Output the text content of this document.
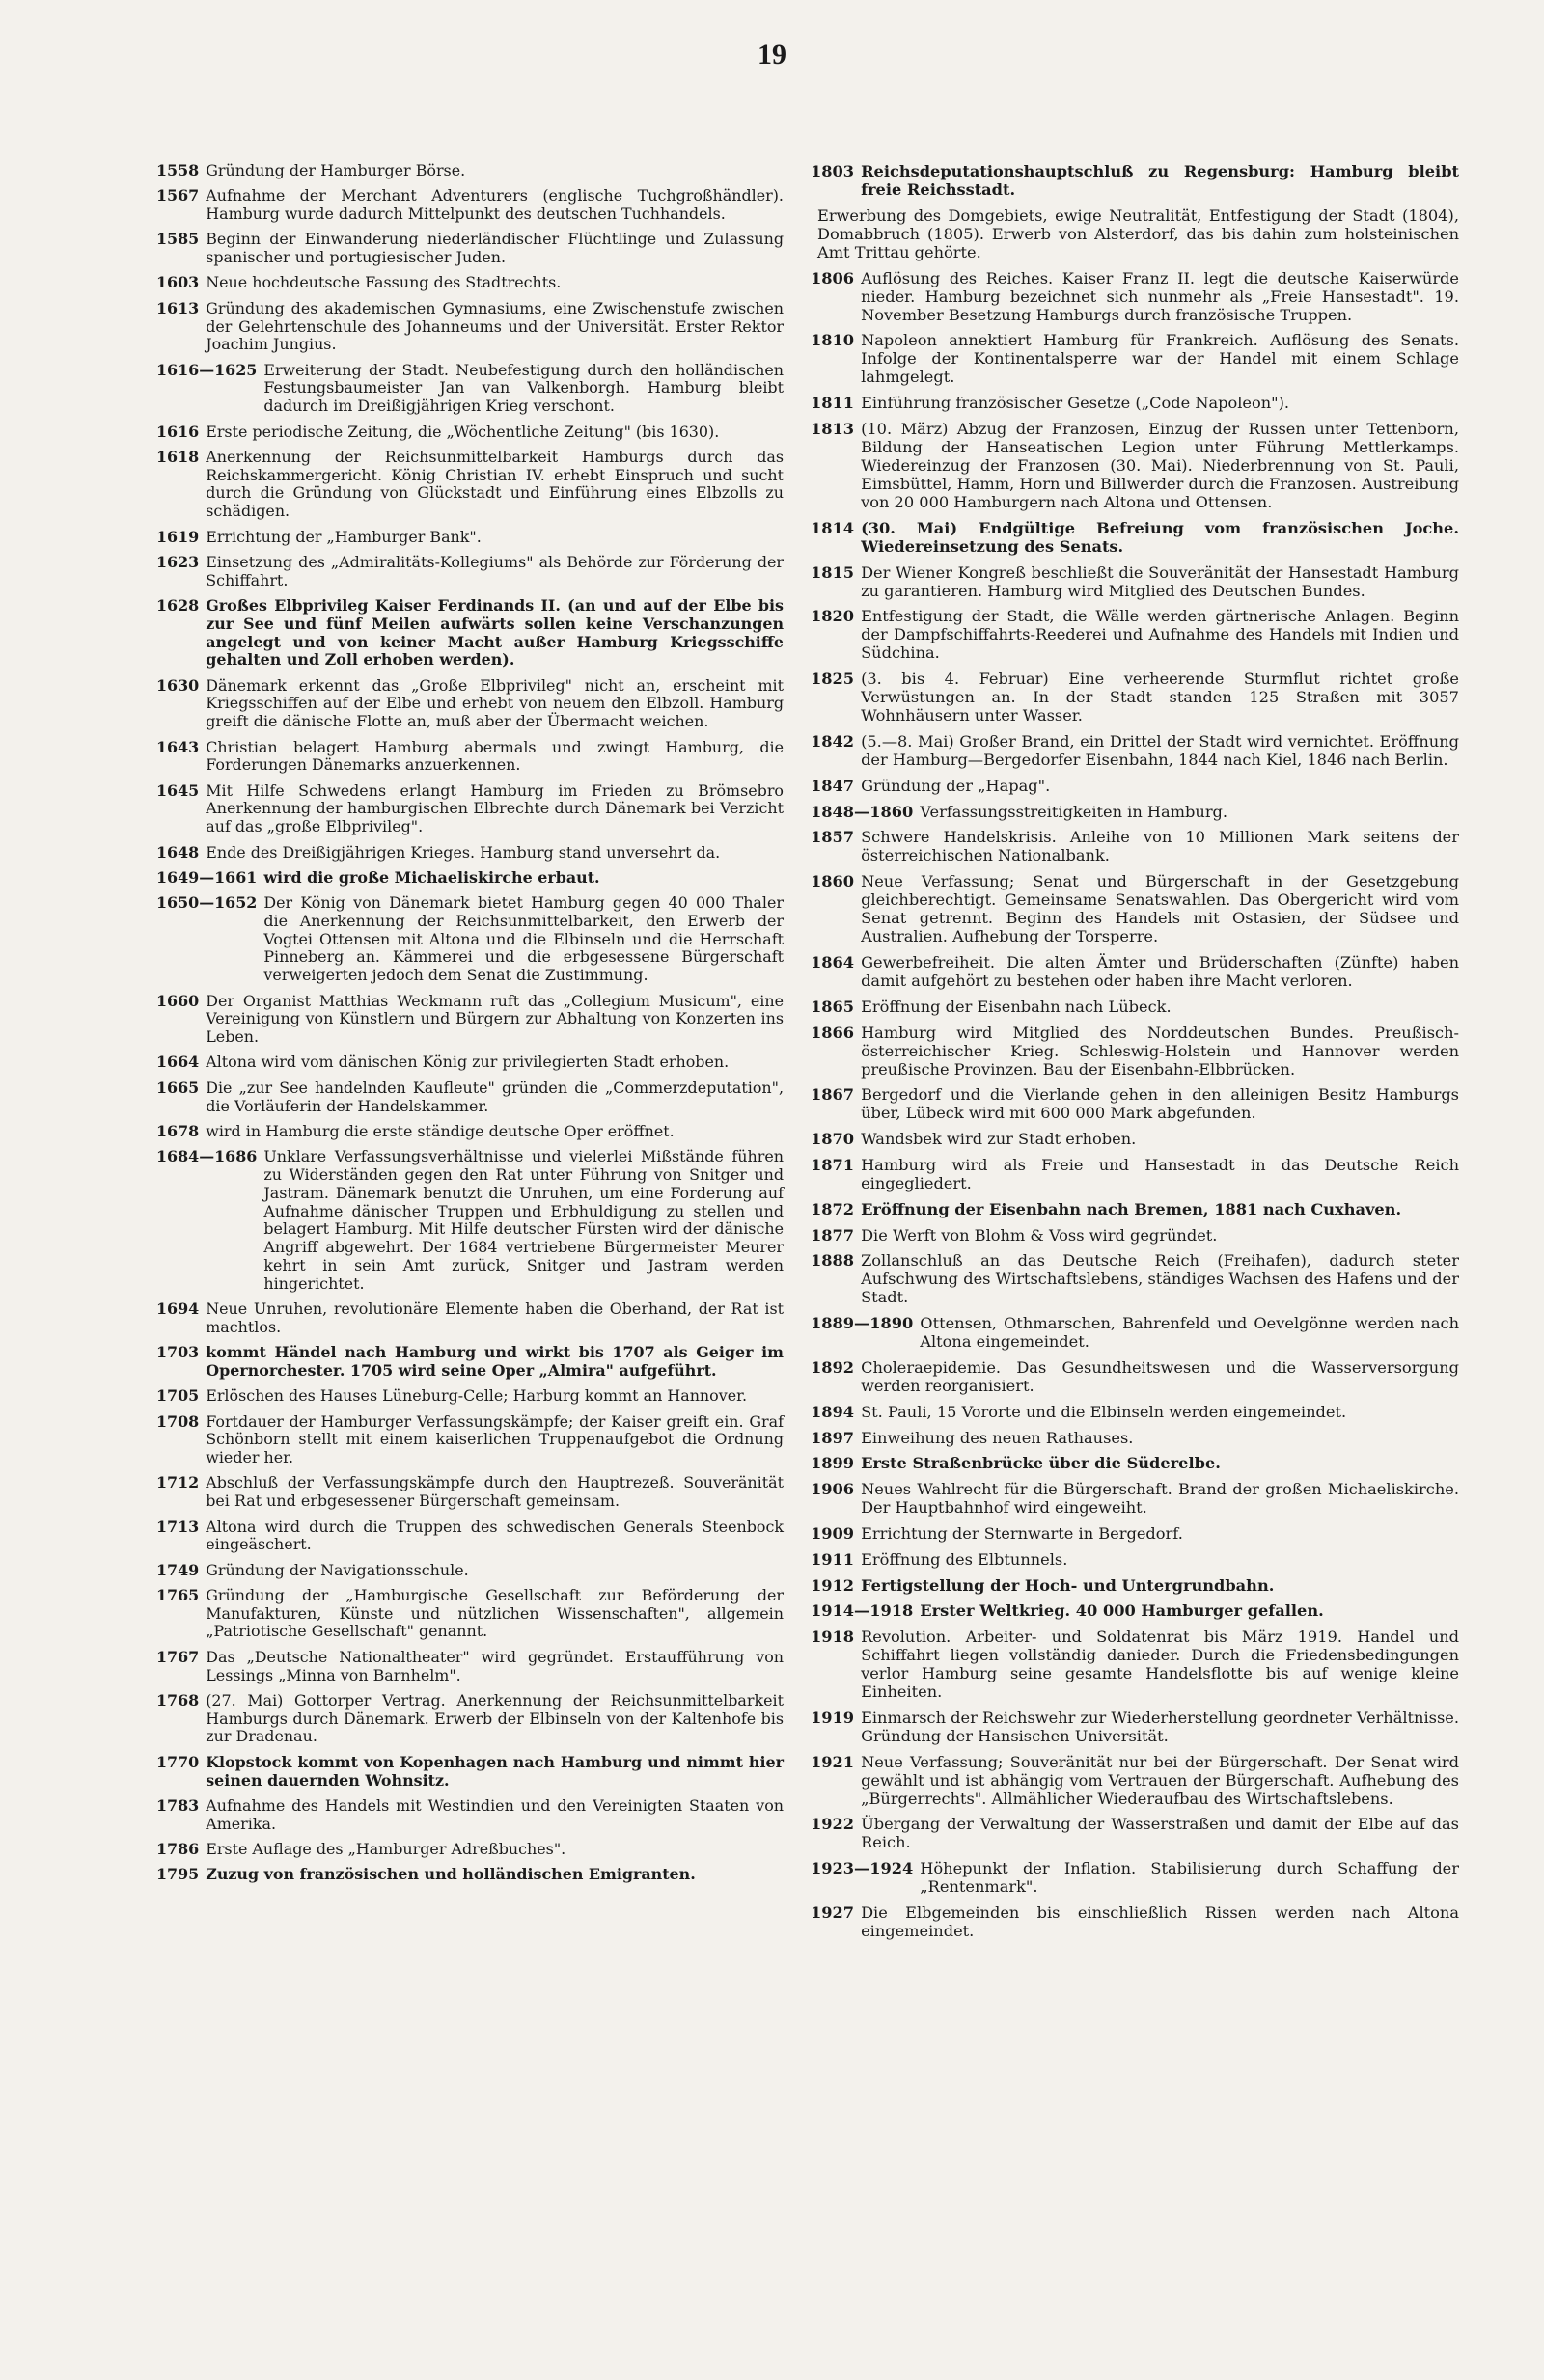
19
1558 Gründung der Hamburger Börse.
1567 Aufnahme der Merchant Adventurers (englische Tuchgroßhändler). Hamburg wurde dadurch Mittelpunkt des deutschen Tuchhandels.
1585 Beginn der Einwanderung niederländischer Flüchtlinge und Zulassung spanischer und portugiesischer Juden.
1603 Neue hochdeutsche Fassung des Stadtrechts.
1613 Gründung des akademischen Gymnasiums, eine Zwischenstufe zwischen der Gelehrtenschule des Johanneums und der Universität. Erster Rektor Joachim Jungius.
1616—1625 Erweiterung der Stadt. Neubefestigung durch den holländischen Festungsbaumeister Jan van Valkenborgh. Hamburg bleibt dadurch im Dreißigjährigen Krieg verschont.
1616 Erste periodische Zeitung, die „Wöchentliche Zeitung" (bis 1630).
1618 Anerkennung der Reichsunmittelbarkeit Hamburgs durch das Reichskammergericht. König Christian IV. erhebt Einspruch und sucht durch die Gründung von Glückstadt und Einführung eines Elbzolls zu schädigen.
1619 Errichtung der „Hamburger Bank".
1623 Einsetzung des „Admiralitäts-Kollegiums" als Behörde zur Förderung der Schiffahrt.
1628 Großes Elbprivileg Kaiser Ferdinands II. (an und auf der Elbe bis zur See und fünf Meilen aufwärts sollen keine Verschanzungen angelegt und von keiner Macht außer Hamburg Kriegsschiffe gehalten und Zoll erhoben werden).
1630 Dänemark erkennt das „Große Elbprivileg" nicht an, erscheint mit Kriegsschiffen auf der Elbe und erhebt von neuem den Elbzoll. Hamburg greift die dänische Flotte an, muß aber der Übermacht weichen.
1643 Christian belagert Hamburg abermals und zwingt Hamburg, die Forderungen Dänemarks anzuerkennen.
1645 Mit Hilfe Schwedens erlangt Hamburg im Frieden zu Brömsebro Anerkennung der hamburgischen Elbrechte durch Dänemark bei Verzicht auf das „große Elbprivileg".
1648 Ende des Dreißigjährigen Krieges. Hamburg stand unversehrt da.
1649—1661 wird die große Michaeliskirche erbaut.
1650—1652 Der König von Dänemark bietet Hamburg gegen 40 000 Thaler die Anerkennung der Reichsunmittelbarkeit, den Erwerb der Vogtei Ottensen mit Altona und die Elbinseln und die Herrschaft Pinneberg an. Kämmerei und die erbgesessene Bürgerschaft verweigerten jedoch dem Senat die Zustimmung.
1660 Der Organist Matthias Weckmann ruft das „Collegium Musicum", eine Vereinigung von Künstlern und Bürgern zur Abhaltung von Konzerten ins Leben.
1664 Altona wird vom dänischen König zur privilegierten Stadt erhoben.
1665 Die „zur See handelnden Kaufleute" gründen die „Commerzdeputation", die Vorläuferin der Handelskammer.
1678 wird in Hamburg die erste ständige deutsche Oper eröffnet.
1684—1686 Unklare Verfassungsverhältnisse und vielerlei Mißstände führen zu Widerständen gegen den Rat unter Führung von Snitger und Jastram. Dänemark benutzt die Unruhen, um eine Forderung auf Aufnahme dänischer Truppen und Erbhuldigung zu stellen und belagert Hamburg. Mit Hilfe deutscher Fürsten wird der dänische Angriff abgewehrt. Der 1684 vertriebene Bürgermeister Meurer kehrt in sein Amt zurück, Snitger und Jastram werden hingerichtet.
1694 Neue Unruhen, revolutionäre Elemente haben die Oberhand, der Rat ist machtlos.
1703 kommt Händel nach Hamburg und wirkt bis 1707 als Geiger im Opernorchester. 1705 wird seine Oper „Almira" aufgeführt.
1705 Erlöschen des Hauses Lüneburg-Celle; Harburg kommt an Hannover.
1708 Fortdauer der Hamburger Verfassungskämpfe; der Kaiser greift ein. Graf Schönborn stellt mit einem kaiserlichen Truppenaufgebot die Ordnung wieder her.
1712 Abschluß der Verfassungskämpfe durch den Hauptrezeß. Souveränität bei Rat und erbgesessener Bürgerschaft gemeinsam.
1713 Altona wird durch die Truppen des schwedischen Generals Steenbock eingeäschert.
1749 Gründung der Navigationsschule.
1765 Gründung der „Hamburgische Gesellschaft zur Beförderung der Manufakturen, Künste und nützlichen Wissenschaften", allgemein „Patriotische Gesellschaft" genannt.
1767 Das „Deutsche Nationaltheater" wird gegründet. Erstaufführung von Lessings „Minna von Barnhelm".
1768 (27. Mai) Gottorper Vertrag. Anerkennung der Reichsunmittelbarkeit Hamburgs durch Dänemark. Erwerb der Elbinseln von der Kaltenhofe bis zur Dradenau.
1770 Klopstock kommt von Kopenhagen nach Hamburg und nimmt hier seinen dauernden Wohnsitz.
1783 Aufnahme des Handels mit Westindien und den Vereinigten Staaten von Amerika.
1786 Erste Auflage des „Hamburger Adreßbuches".
1795 Zuzug von französischen und holländischen Emigranten.
1803 Reichsdeputationshauptschluß zu Regensburg: Hamburg bleibt freie Reichsstadt.
Erwerbung des Domgebiets, ewige Neutralität, Entfestigung der Stadt (1804), Domabbruch (1805). Erwerb von Alsterdorf, das bis dahin zum holsteinischen Amt Trittau gehörte.
1806 Auflösung des Reiches. Kaiser Franz II. legt die deutsche Kaiserwürde nieder. Hamburg bezeichnet sich nunmehr als „Freie Hansestadt". 19. November Besetzung Hamburgs durch französische Truppen.
1810 Napoleon annektiert Hamburg für Frankreich. Auflösung des Senats. Infolge der Kontinentalsperre war der Handel mit einem Schlage lahmgelegt.
1811 Einführung französischer Gesetze („Code Napoleon").
1813 (10. März) Abzug der Franzosen, Einzug der Russen unter Tettenborn, Bildung der Hanseatischen Legion unter Führung Mettlerkamps. Wiedereinzug der Franzosen (30. Mai). Niederbrennung von St. Pauli, Eimsbüttel, Hamm, Horn und Billwerder durch die Franzosen. Austreibung von 20 000 Hamburgern nach Altona und Ottensen.
1814 (30. Mai) Endgültige Befreiung vom französischen Joche. Wiedereinsetzung des Senats.
1815 Der Wiener Kongreß beschließt die Souveränität der Hansestadt Hamburg zu garantieren. Hamburg wird Mitglied des Deutschen Bundes.
1820 Entfestigung der Stadt, die Wälle werden gärtnerische Anlagen. Beginn der Dampfschiffahrts-Reederei und Aufnahme des Handels mit Indien und Südchina.
1825 (3. bis 4. Februar) Eine verheerende Sturmflut richtet große Verwüstungen an. In der Stadt standen 125 Straßen mit 3057 Wohnhäusern unter Wasser.
1842 (5.—8. Mai) Großer Brand, ein Drittel der Stadt wird vernichtet. Eröffnung der Hamburg—Bergedorfer Eisenbahn, 1844 nach Kiel, 1846 nach Berlin.
1847 Gründung der „Hapag".
1848—1860 Verfassungsstreitigkeiten in Hamburg.
1857 Schwere Handelskrisis. Anleihe von 10 Millionen Mark seitens der österreichischen Nationalbank.
1860 Neue Verfassung; Senat und Bürgerschaft in der Gesetzgebung gleichberechtigt. Gemeinsame Senatswahlen. Das Obergericht wird vom Senat getrennt. Beginn des Handels mit Ostasien, der Südsee und Australien. Aufhebung der Torsperre.
1864 Gewerbefreiheit. Die alten Ämter und Brüderschaften (Zünfte) haben damit aufgehört zu bestehen oder haben ihre Macht verloren.
1865 Eröffnung der Eisenbahn nach Lübeck.
1866 Hamburg wird Mitglied des Norddeutschen Bundes. Preußisch-österreichischer Krieg. Schleswig-Holstein und Hannover werden preußische Provinzen. Bau der Eisenbahn-Elbbrücken.
1867 Bergedorf und die Vierlande gehen in den alleinigen Besitz Hamburgs über, Lübeck wird mit 600 000 Mark abgefunden.
1870 Wandsbek wird zur Stadt erhoben.
1871 Hamburg wird als Freie und Hansestadt in das Deutsche Reich eingegliedert.
1872 Eröffnung der Eisenbahn nach Bremen, 1881 nach Cuxhaven.
1877 Die Werft von Blohm & Voss wird gegründet.
1888 Zollanschluß an das Deutsche Reich (Freihafen), dadurch steter Aufschwung des Wirtschaftslebens, ständiges Wachsen des Hafens und der Stadt.
1889—1890 Ottensen, Othmarschen, Bahrenfeld und Oevelgönne werden nach Altona eingemeindet.
1892 Choleraepidemie. Das Gesundheitswesen und die Wasserversorgung werden reorganisiert.
1894 St. Pauli, 15 Vororte und die Elbinseln werden eingemeindet.
1897 Einweihung des neuen Rathauses.
1899 Erste Straßenbrücke über die Süderelbe.
1906 Neues Wahlrecht für die Bürgerschaft. Brand der großen Michaeliskirche. Der Hauptbahnhof wird eingeweiht.
1909 Errichtung der Sternwarte in Bergedorf.
1911 Eröffnung des Elbtunnels.
1912 Fertigstellung der Hoch- und Untergrundbahn.
1914—1918 Erster Weltkrieg. 40 000 Hamburger gefallen.
1918 Revolution. Arbeiter- und Soldatenrat bis März 1919. Handel und Schiffahrt liegen vollständig danieder. Durch die Friedensbedingungen verlor Hamburg seine gesamte Handelsflotte bis auf wenige kleine Einheiten.
1919 Einmarsch der Reichswehr zur Wiederherstellung geordneter Verhältnisse. Gründung der Hansischen Universität.
1921 Neue Verfassung; Souveränität nur bei der Bürgerschaft. Der Senat wird gewählt und ist abhängig vom Vertrauen der Bürgerschaft. Aufhebung des „Bürgerrechts". Allmählicher Wiederaufbau des Wirtschaftslebens.
1922 Übergang der Verwaltung der Wasserstraßen und damit der Elbe auf das Reich.
1923—1924 Höhepunkt der Inflation. Stabilisierung durch Schaffung der „Rentenmark".
1927 Die Elbgemeinden bis einschließlich Rissen werden nach Altona eingemeindet.
